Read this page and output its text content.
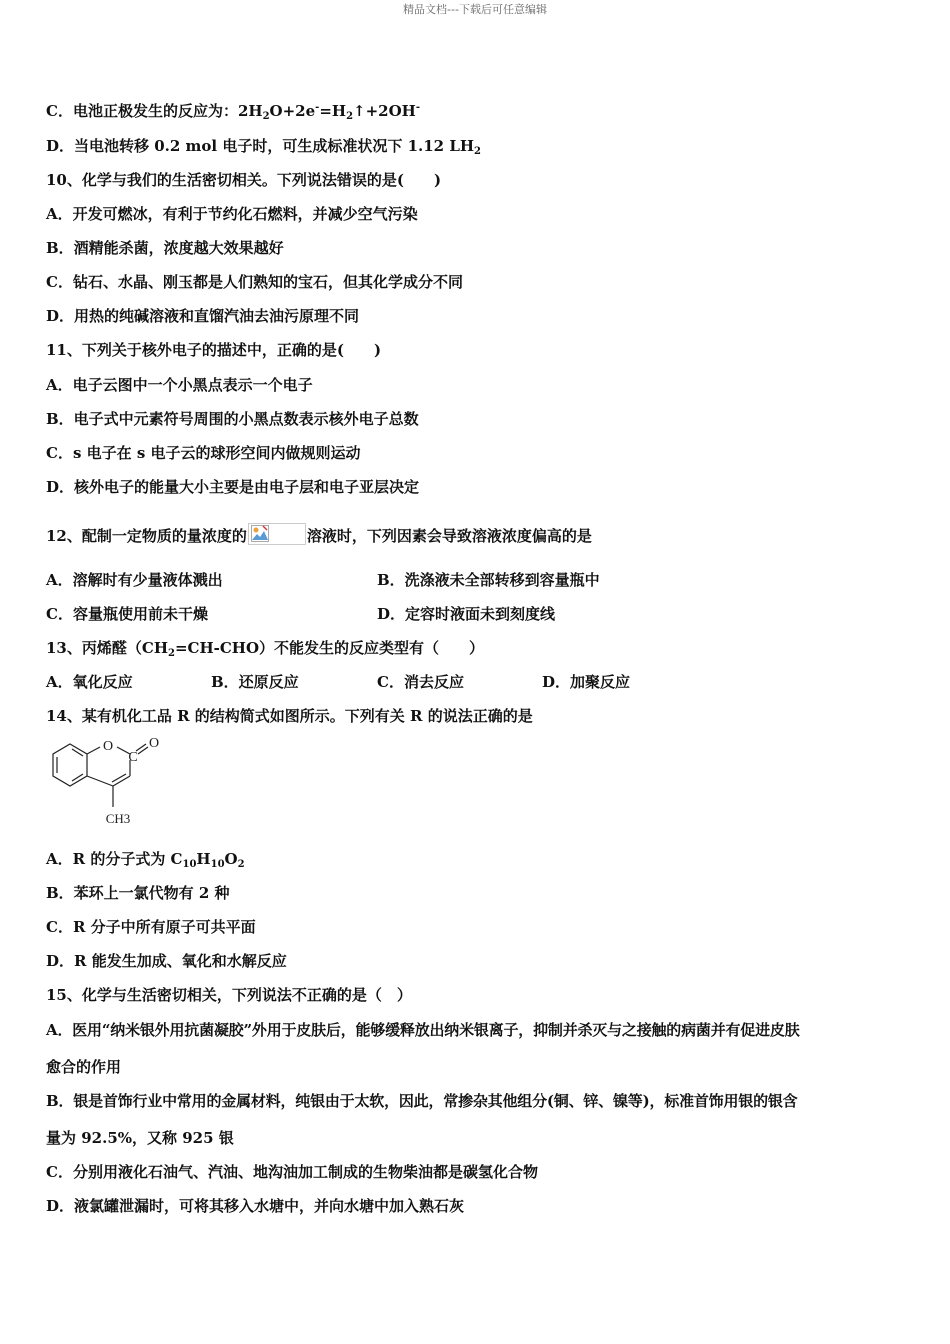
精品文档---下载后可任意编辑
C．电池正极发生的反应为：$2H_2O+2e^-=H_2↑+2OH^-$
D．当电池转移 0.2 mol 电子时，可生成标准状况下 1.12 $LH_2$
10、化学与我们的生活密切相关。下列说法错误的是(　　)
A．开发可燃冰，有利于节约化石燃料，并减少空气污染
B．酒精能杀菌，浓度越大效果越好
C．钻石、水晶、刚玉都是人们熟知的宝石，但其化学成分不同
D．用热的纯碱溶液和直馏汽油去油污原理不同
11、下列关于核外电子的描述中，正确的是(　　)
A．电子云图中一个小黑点表示一个电子
B．电子式中元素符号周围的小黑点数表示核外电子总数
C．s 电子在 s 电子云的球形空间内做规则运动
D．核外电子的能量大小主要是由电子层和电子亚层决定
12、配制一定物质的量浓度的	溶液时，下列因素会导致溶液浓度偏高的是
A．溶解时有少量液体溅出	B．洗涤液未全部转移到容量瓶中
C．容量瓶使用前未干燥	D．定容时液面未到刻度线
13、丙烯醛$(CH_2=CH-CHO)$不能发生的反应类型有（　　）
A．氧化反应	B．还原反应	C．消去反应	D．加聚反应
14、某有机化工品 R 的结构简式如图所示。下列有关 R 的说法正确的是
O
C
O
CH3
A．R 的分子式为 $C_{10}H_{10}O_2$
B．苯环上一氯代物有 2 种
C．R 分子中所有原子可共平面
D．R 能发生加成、氧化和水解反应
15、化学与生活密切相关，下列说法不正确的是（　）
A．医用“纳米银外用抗菌凝胶”外用于皮肤后，能够缓释放出纳米银离子，抑制并杀灭与之接触的病菌并有促进皮肤
愈合的作用
B．银是首饰行业中常用的金属材料，纯银由于太软，因此，常掺杂其他组分(铜、锌、镍等)，标准首饰用银的银含
量为 92.5%，又称 925 银
C．分别用液化石油气、汽油、地沟油加工制成的生物柴油都是碳氢化合物
D．液氯罐泄漏时，可将其移入水塘中，并向水塘中加入熟石灰
